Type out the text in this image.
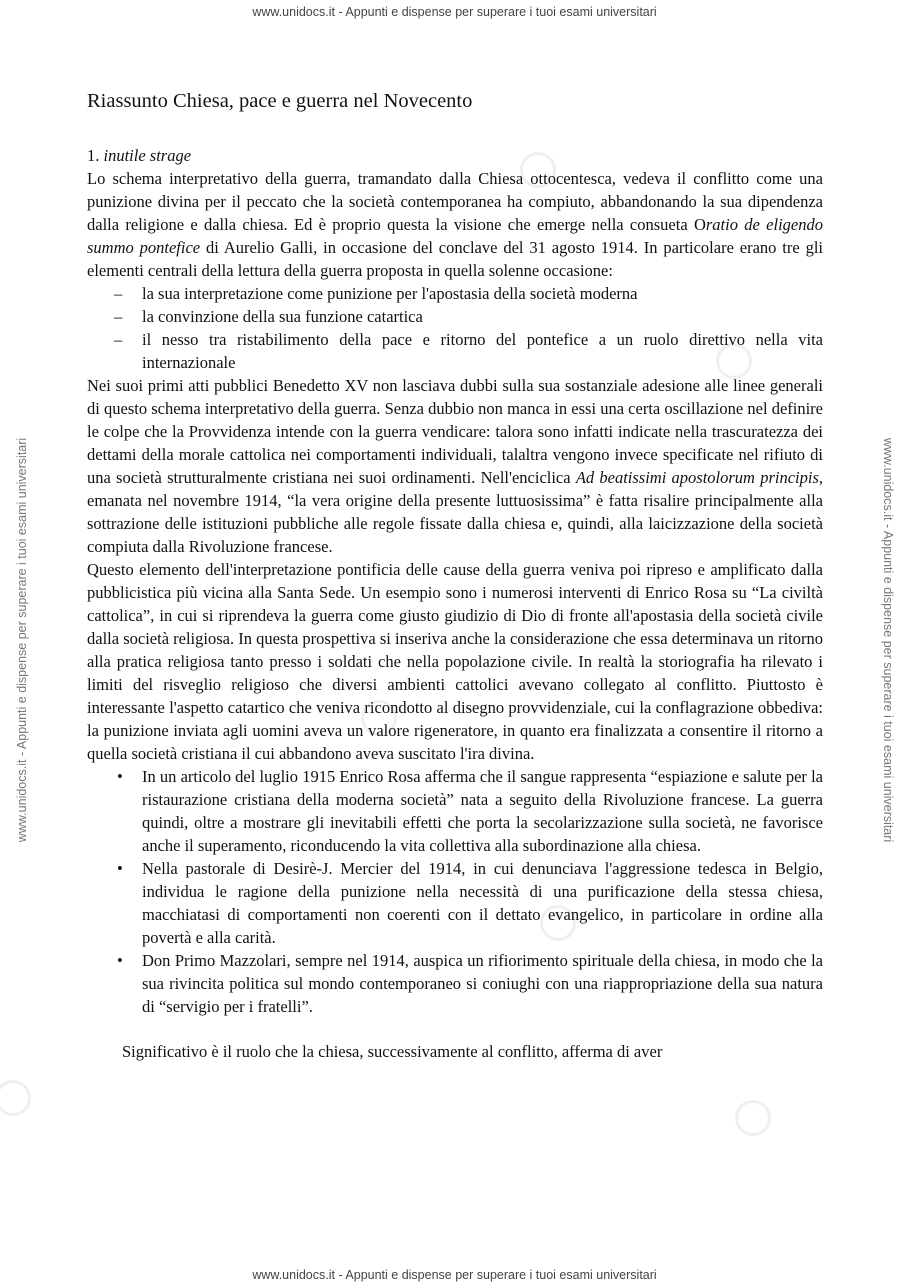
www.unidocs.it - Appunti e dispense per superare i tuoi esami universitari
www.unidocs.it - Appunti e dispense per superare i tuoi esami universitari	www.unidocs.it - Appunti e dispense per superare i tuoi esami universitari
Riassunto Chiesa, pace e guerra nel Novecento
1. inutile strage

Lo schema interpretativo della guerra, tramandato dalla Chiesa ottocentesca, vedeva il conflitto come una punizione divina per il peccato che la società contemporanea ha compiuto, abbandonando la sua dipendenza dalla religione e dalla chiesa. Ed è proprio questa la visione che emerge nella consueta Oratio de eligendo summo pontefice di Aurelio Galli, in occasione del conclave del 31 agosto 1914. In particolare erano tre gli elementi centrali della lettura della guerra proposta in quella solenne occasione:

– la sua interpretazione come punizione per l'apostasia della società moderna
– la convinzione della sua funzione catartica
– il nesso tra ristabilimento della pace e ritorno del pontefice a un ruolo direttivo nella vita internazionale

Nei suoi primi atti pubblici Benedetto XV non lasciava dubbi sulla sua sostanziale adesione alle linee generali di questo schema interpretativo della guerra. Senza dubbio non manca in essi una certa oscillazione nel definire le colpe che la Provvidenza intende con la guerra vendicare: talora sono infatti indicate nella trascuratezza dei dettami della morale cattolica nei comportamenti individuali, talaltra vengono invece specificate nel rifiuto di una società strutturalmente cristiana nei suoi ordinamenti. Nell'enciclica Ad beatissimi apostolorum principis, emanata nel novembre 1914, “la vera origine della presente luttuosissima” è fatta risalire principalmente alla sottrazione delle istituzioni pubbliche alle regole fissate dalla chiesa e, quindi, alla laicizzazione della società compiuta dalla Rivoluzione francese.

Questo elemento dell'interpretazione pontificia delle cause della guerra veniva poi ripreso e amplificato dalla pubblicistica più vicina alla Santa Sede. Un esempio sono i numerosi interventi di Enrico Rosa su “La civiltà cattolica”, in cui si riprendeva la guerra come giusto giudizio di Dio di fronte all'apostasia della società civile dalla società religiosa. In questa prospettiva si inseriva anche la considerazione che essa determinava un ritorno alla pratica religiosa tanto presso i soldati che nella popolazione civile. In realtà la storiografia ha rilevato i limiti del risveglio religioso che diversi ambienti cattolici avevano collegato al conflitto. Piuttosto è interessante l'aspetto catartico che veniva ricondotto al disegno provvidenziale, cui la conflagrazione obbediva: la punizione inviata agli uomini aveva un valore rigeneratore, in quanto era finalizzata a consentire il ritorno a quella società cristiana il cui abbandono aveva suscitato l'ira divina.

• In un articolo del luglio 1915 Enrico Rosa afferma che il sangue rappresenta “espiazione e salute per la ristaurazione cristiana della moderna società” nata a seguito della Rivoluzione francese. La guerra quindi, oltre a mostrare gli inevitabili effetti che porta la secolarizzazione sulla società, ne favorisce anche il superamento, riconducendo la vita collettiva alla subordinazione alla chiesa.
• Nella pastorale di Desirè-J. Mercier del 1914, in cui denunciava l'aggressione tedesca in Belgio, individua le ragione della punizione nella necessità di una purificazione della stessa chiesa, macchiatasi di comportamenti non coerenti con il dettato evangelico, in particolare in ordine alla povertà e alla carità.
• Don Primo Mazzolari, sempre nel 1914, auspica un rifiorimento spirituale della chiesa, in modo che la sua rivincita politica sul mondo contemporaneo si coniughi con una riappropriazione della sua natura di “servigio per i fratelli”.

Significativo è il ruolo che la chiesa, successivamente al conflitto, afferma di aver

www.unidocs.it - Appunti e dispense per superare i tuoi esami universitari
